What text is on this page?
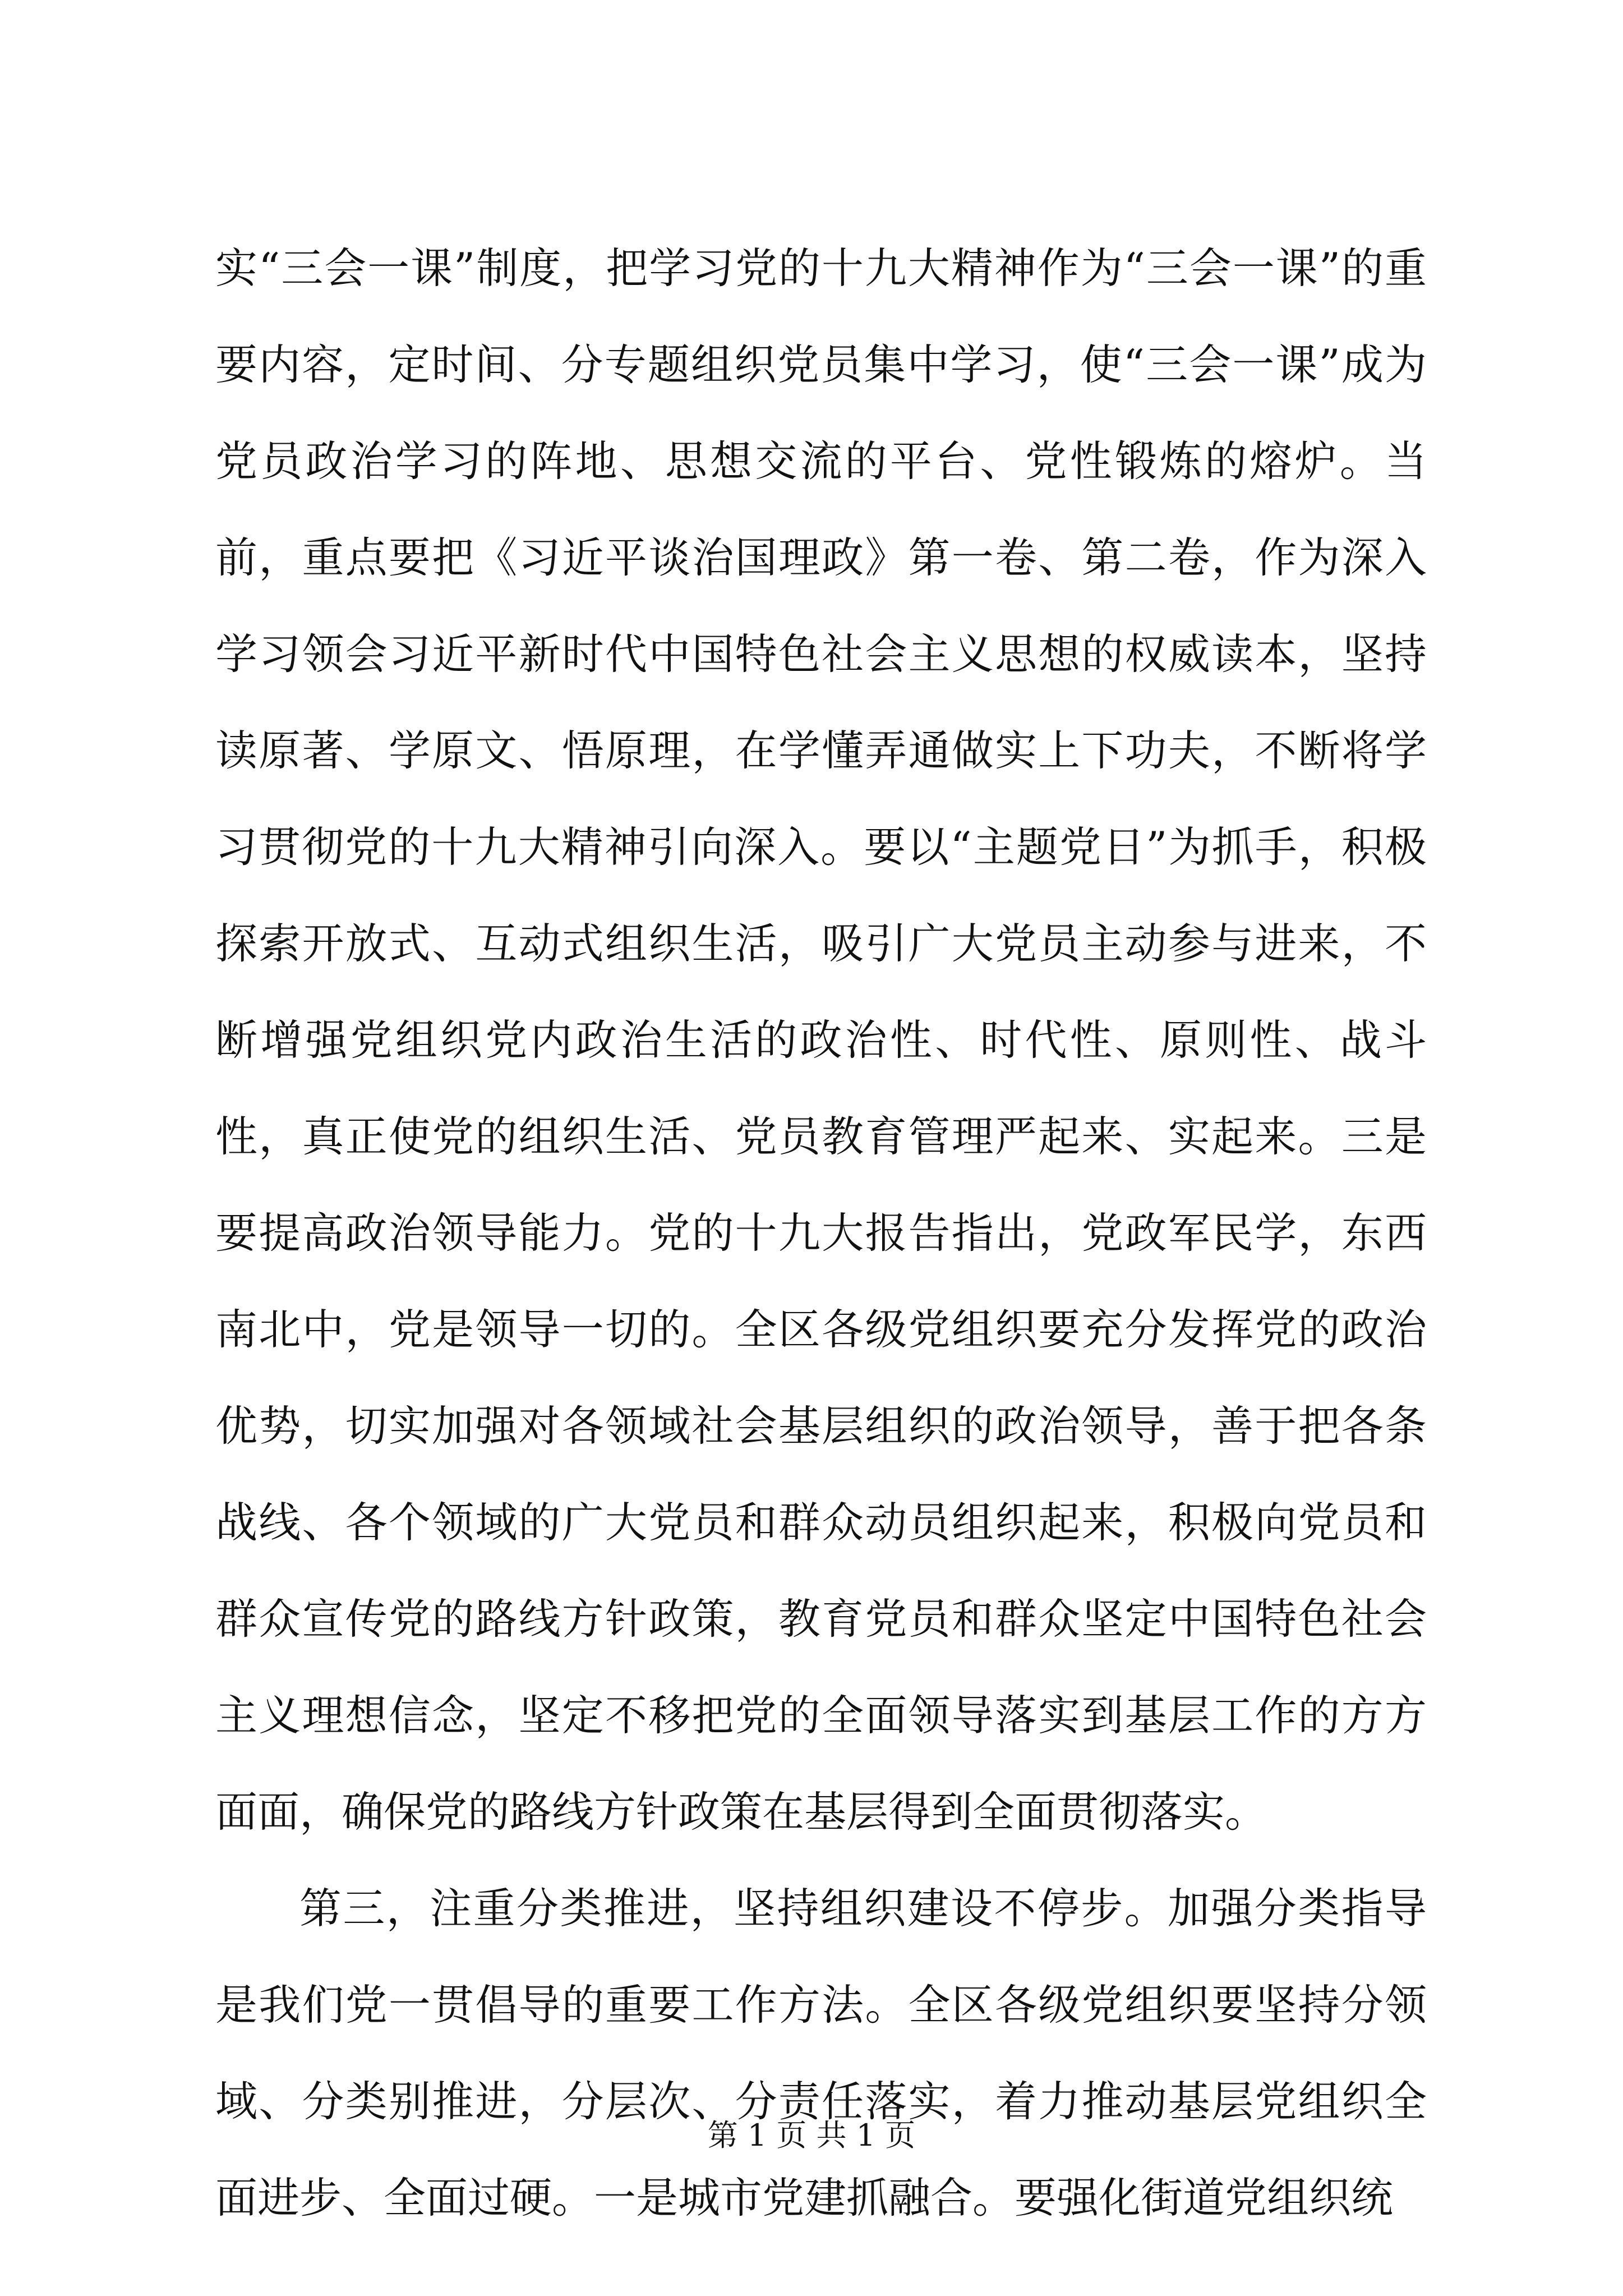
实“三会一课”制度，把学习党的十九大精神作为“三会一课”的重要内容，定时间、分专题组织党员集中学习，使“三会一课”成为党员政治学习的阵地、思想交流的平台、党性锻炼的熔炉。当前，重点要把《习近平谈治国理政》第一卷、第二卷，作为深入学习领会习近平新时代中国特色社会主义思想的权威读本，坚持读原著、学原文、悟原理，在学懂弄通做实上下功夫，不断将学习贯彻党的十九大精神引向深入。要以“主题党日”为抓手，积极探索开放式、互动式组织生活，吸引广大党员主动参与进来，不断增强党组织党内政治生活的政治性、时代性、原则性、战斗性，真正使党的组织生活、党员教育管理严起来、实起来。三是要提高政治领导能力。党的十九大报告指出，党政军民学，东西南北中，党是领导一切的。全区各级党组织要充分发挥党的政治优势，切实加强对各领域社会基层组织的政治领导，善于把各条战线、各个领域的广大党员和群众动员组织起来，积极向党员和群众宣传党的路线方针政策，教育党员和群众坚定中国特色社会主义理想信念，坚定不移把党的全面领导落实到基层工作的方方面面，确保党的路线方针政策在基层得到全面贯彻落实。

第三，注重分类推进，坚持组织建设不停步。加强分类指导是我们党一贯倡导的重要工作方法。全区各级党组织要坚持分领域、分类别推进，分层次、分责任落实，着力推动基层党组织全面进步、全面过硬。一是城市党建抓融合。要强化街道党组织统

第 1 页 共 1 页
